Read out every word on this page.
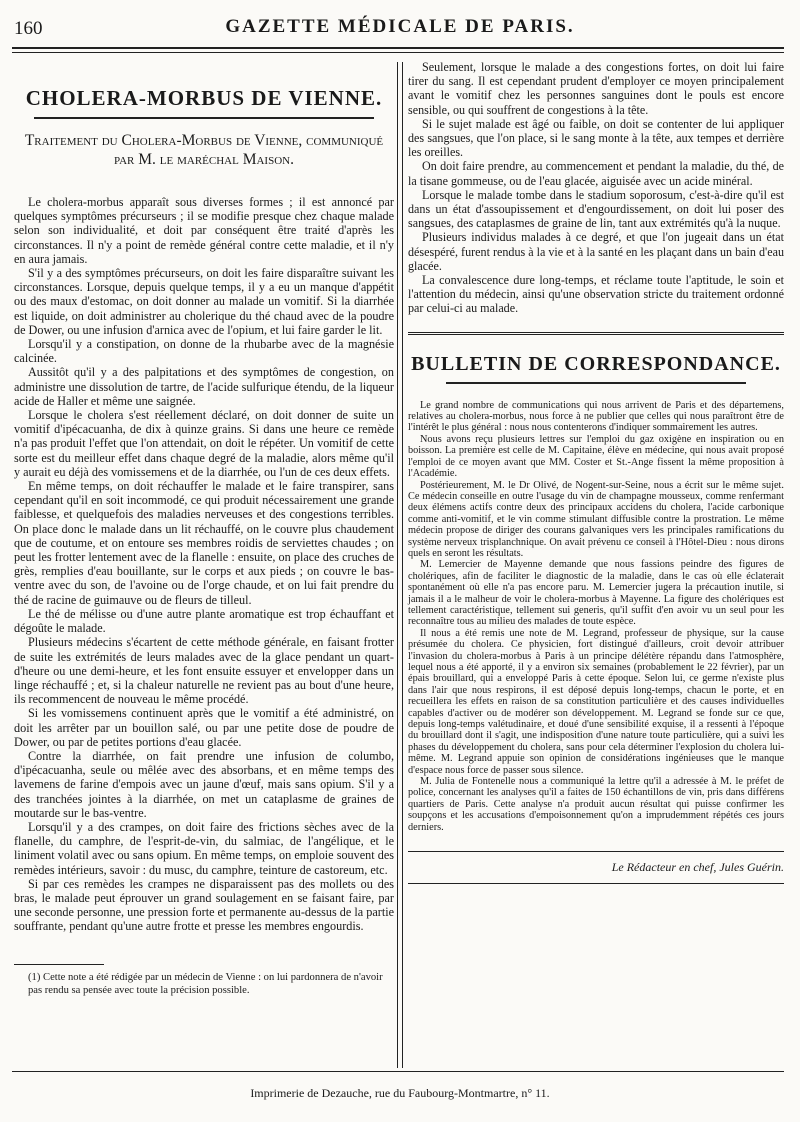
160	GAZETTE MÉDICALE DE PARIS.
CHOLERA-MORBUS DE VIENNE.
Traitement du Cholera-Morbus de Vienne, communiqué par M. le maréchal Maison.

Le cholera-morbus apparaît sous diverses formes ; il est annoncé par quelques symptômes précurseurs ; il se modifie presque chez chaque malade selon son individualité, et doit par conséquent être traité d'après les circonstances. Il n'y a point de remède général contre cette maladie, et il n'y en aura jamais.

S'il y a des symptômes précurseurs, on doit les faire disparaître suivant les circonstances. Lorsque, depuis quelque temps, il y a eu un manque d'appétit ou des maux d'estomac, on doit donner au malade un vomitif. Si la diarrhée est liquide, on doit administrer au cholerique du thé chaud avec de la poudre de Dower, ou une infusion d'arnica avec de l'opium, et lui faire garder le lit.

Lorsqu'il y a constipation, on donne de la rhubarbe avec de la magnésie calcinée.

Aussitôt qu'il y a des palpitations et des symptômes de congestion, on administre une dissolution de tartre, de l'acide sulfurique étendu, de la liqueur acide de Haller et même une saignée.

Lorsque le cholera s'est réellement déclaré, on doit donner de suite un vomitif d'ipécacuanha, de dix à quinze grains. Si dans une heure ce remède n'a pas produit l'effet que l'on attendait, on doit le répéter. Un vomitif de cette sorte est du meilleur effet dans chaque degré de la maladie, alors même qu'il y aurait eu déjà des vomissemens et de la diarrhée, ou l'un de ces deux effets.

En même temps, on doit réchauffer le malade et le faire transpirer, sans cependant qu'il en soit incommodé, ce qui produit nécessairement une grande faiblesse, et quelquefois des maladies nerveuses et des congestions terribles. On place donc le malade dans un lit réchauffé, on le couvre plus chaudement que de coutume, et on entoure ses membres roidis de serviettes chaudes ; on peut les frotter lentement avec de la flanelle : ensuite, on place des cruches de grès, remplies d'eau bouillante, sur le corps et aux pieds ; on couvre le bas-ventre avec du son, de l'avoine ou de l'orge chaude, et on lui fait prendre du thé de racine de guimauve ou de fleurs de tilleul.

Le thé de mélisse ou d'une autre plante aromatique est trop échauffant et dégoûte le malade.

Plusieurs médecins s'écartent de cette méthode générale, en faisant frotter de suite les extrémités de leurs malades avec de la glace pendant un quart-d'heure ou une demi-heure, et les font ensuite essuyer et envelopper dans un linge réchauffé ; et, si la chaleur naturelle ne revient pas au bout d'une heure, ils recommencent de nouveau le même procédé.

Si les vomissemens continuent après que le vomitif a été administré, on doit les arrêter par un bouillon salé, ou par une petite dose de poudre de Dower, ou par de petites portions d'eau glacée.

Contre la diarrhée, on fait prendre une infusion de columbo, d'ipécacuanha, seule ou mêlée avec des absorbans, et en même temps des lavemens de farine d'empois avec un jaune d'œuf, mais sans opium. S'il y a des tranchées jointes à la diarrhée, on met un cataplasme de graines de moutarde sur le bas-ventre.

Lorsqu'il y a des crampes, on doit faire des frictions sèches avec de la flanelle, du camphre, de l'esprit-de-vin, du salmiac, de l'angélique, et le liniment volatil avec ou sans opium. En même temps, on emploie souvent des remèdes intérieurs, savoir : du musc, du camphre, teinture de castoreum, etc.

Si par ces remèdes les crampes ne disparaissent pas des mollets ou des bras, le malade peut éprouver un grand soulagement en se faisant faire, par une seconde personne, une pression forte et permanente au-dessus de la partie souffrante, pendant qu'une autre frotte et presse les membres engourdis.

(1) Cette note a été rédigée par un médecin de Vienne : on lui pardonnera de n'avoir pas rendu sa pensée avec toute la précision possible.

Seulement, lorsque le malade a des congestions fortes, on doit lui faire tirer du sang. Il est cependant prudent d'employer ce moyen principalement avant le vomitif chez les personnes sanguines dont le pouls est encore sensible, ou qui souffrent de congestions à la tête.

Si le sujet malade est âgé ou faible, on doit se contenter de lui appliquer des sangsues, que l'on place, si le sang monte à la tête, aux tempes et derrière les oreilles.

On doit faire prendre, au commencement et pendant la maladie, du thé, de la tisane gommeuse, ou de l'eau glacée, aiguisée avec un acide minéral.

Lorsque le malade tombe dans le stadium soporosum, c'est-à-dire qu'il est dans un état d'assoupissement et d'engourdissement, on doit lui poser des sangsues, des cataplasmes de graine de lin, tant aux extrémités qu'à la nuque.

Plusieurs individus malades à ce degré, et que l'on jugeait dans un état désespéré, furent rendus à la vie et à la santé en les plaçant dans un bain d'eau glacée.

La convalescence dure long-temps, et réclame toute l'aptitude, le soin et l'attention du médecin, ainsi qu'une observation stricte du traitement ordonné par celui-ci au malade.

BULLETIN DE CORRESPONDANCE.

Le grand nombre de communications qui nous arrivent de Paris et des départemens, relatives au cholera-morbus, nous force à ne publier que celles qui nous paraîtront être de l'intérêt le plus général : nous nous contenterons d'indiquer sommairement les autres.

Nous avons reçu plusieurs lettres sur l'emploi du gaz oxigène en inspiration ou en boisson. La première est celle de M. Capitaine, élève en médecine, qui nous avait proposé l'emploi de ce moyen avant que MM. Coster et St.-Ange fissent la même proposition à l'Académie.

Postérieurement, M. le Dr Olivé, de Nogent-sur-Seine, nous a écrit sur le même sujet. Ce médecin conseille en outre l'usage du vin de champagne mousseux, comme renfermant deux élémens actifs contre deux des principaux accidens du cholera, l'acide carbonique comme anti-vomitif, et le vin comme stimulant diffusible contre la prostration. Le même médecin propose de diriger des courans galvaniques vers les principales ramifications du système nerveux trisplanchnique. On avait prévenu ce conseil à l'Hôtel-Dieu : nous dirons quels en seront les résultats.

M. Lemercier de Mayenne demande que nous fassions peindre des figures de cholériques, afin de faciliter le diagnostic de la maladie, dans le cas où elle éclaterait spontanément où elle n'a pas encore paru. M. Lemercier jugera la précaution inutile, si jamais il a le malheur de voir le cholera-morbus à Mayenne. La figure des cholériques est tellement caractéristique, tellement sui generis, qu'il suffit d'en avoir vu un seul pour les reconnaître tous au milieu des malades de toute espèce.

Il nous a été remis une note de M. Legrand, professeur de physique, sur la cause présumée du cholera. Ce physicien, fort distingué d'ailleurs, croit devoir attribuer l'invasion du cholera-morbus à Paris à un principe délétère répandu dans l'atmosphère, lequel nous a été apporté, il y a environ six semaines (probablement le 22 février), par un épais brouillard, qui a enveloppé Paris à cette époque. Selon lui, ce germe n'existe plus dans l'air que nous respirons, il est déposé depuis long-temps, chacun le porte, et en recueillera les effets en raison de sa constitution particulière et des causes individuelles capables d'activer ou de modérer son développement. M. Legrand se fonde sur ce que, depuis long-temps valétudinaire, et doué d'une sensibilité exquise, il a ressenti à l'époque du brouillard dont il s'agit, une indisposition d'une nature toute particulière, qui a suivi les phases du développement du cholera, sans pour cela déterminer l'explosion du cholera lui-même. M. Legrand appuie son opinion de considérations ingénieuses que le manque d'espace nous force de passer sous silence.

M. Julia de Fontenelle nous a communiqué la lettre qu'il a adressée à M. le préfet de police, concernant les analyses qu'il a faites de 150 échantillons de vin, pris dans différens quartiers de Paris. Cette analyse n'a produit aucun résultat qui puisse confirmer les soupçons et les accusations d'empoisonnement qu'on a imprudemment répétés ces jours derniers.

Le Rédacteur en chef, Jules Guérin.
Imprimerie de Dezauche, rue du Faubourg-Montmartre, n° 11.
